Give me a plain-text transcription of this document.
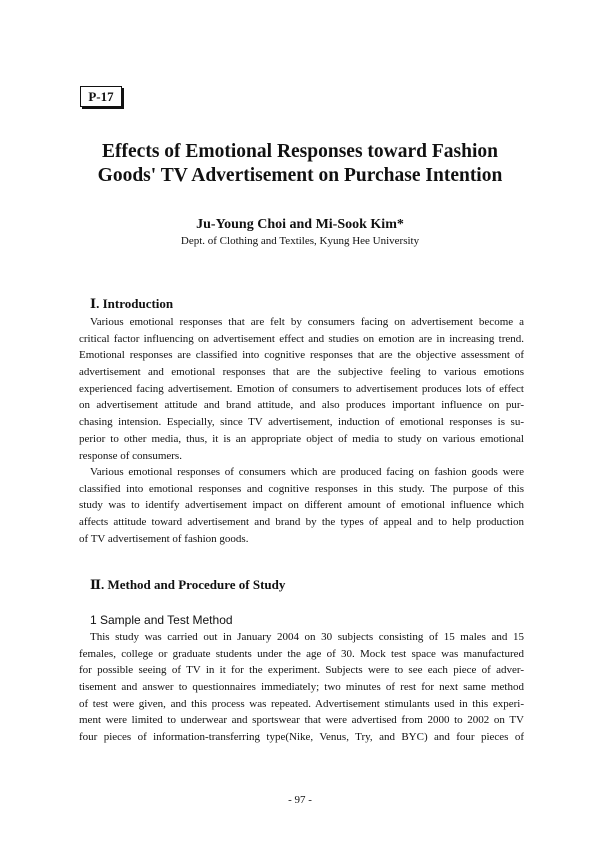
P-17
Effects of Emotional Responses toward Fashion
Goods' TV Advertisement on Purchase Intention
Ju-Young Choi and Mi-Sook Kim*
Dept. of Clothing and Textiles, Kyung Hee University
Ⅰ. Introduction
Various emotional responses that are felt by consumers facing on advertisement become a
critical factor influencing on advertisement effect and studies on emotion are in increasing trend.
Emotional responses are classified into cognitive responses that are the objective assessment of
advertisement and emotional responses that are the subjective feeling to various emotions
experienced facing advertisement. Emotion of consumers to advertisement produces lots of effect
on advertisement attitude and brand attitude, and also produces important influence on pur-
chasing intension. Especially, since TV advertisement, induction of emotional responses is su-
perior to other media, thus, it is an appropriate object of media to study on various emotional
response of consumers.
Various emotional responses of consumers which are produced facing on fashion goods were
classified into emotional responses and cognitive responses in this study. The purpose of this
study was to identify advertisement impact on different amount of emotional influence which
affects attitude toward advertisement and brand by the types of appeal and to help production
of TV advertisement of fashion goods.
Ⅱ. Method and Procedure of Study
1 Sample and Test Method
This study was carried out in January 2004 on 30 subjects consisting of 15 males and 15
females, college or graduate students under the age of 30. Mock test space was manufactured
for possible seeing of TV in it for the experiment. Subjects were to see each piece of adver-
tisement and answer to questionnaires immediately; two minutes of rest for next same method
of test were given, and this process was repeated. Advertisement stimulants used in this experi-
ment were limited to underwear and sportswear that were advertised from 2000 to 2002 on TV
four pieces of information-transferring type(Nike, Venus, Try, and BYC) and four pieces of
- 97 -
